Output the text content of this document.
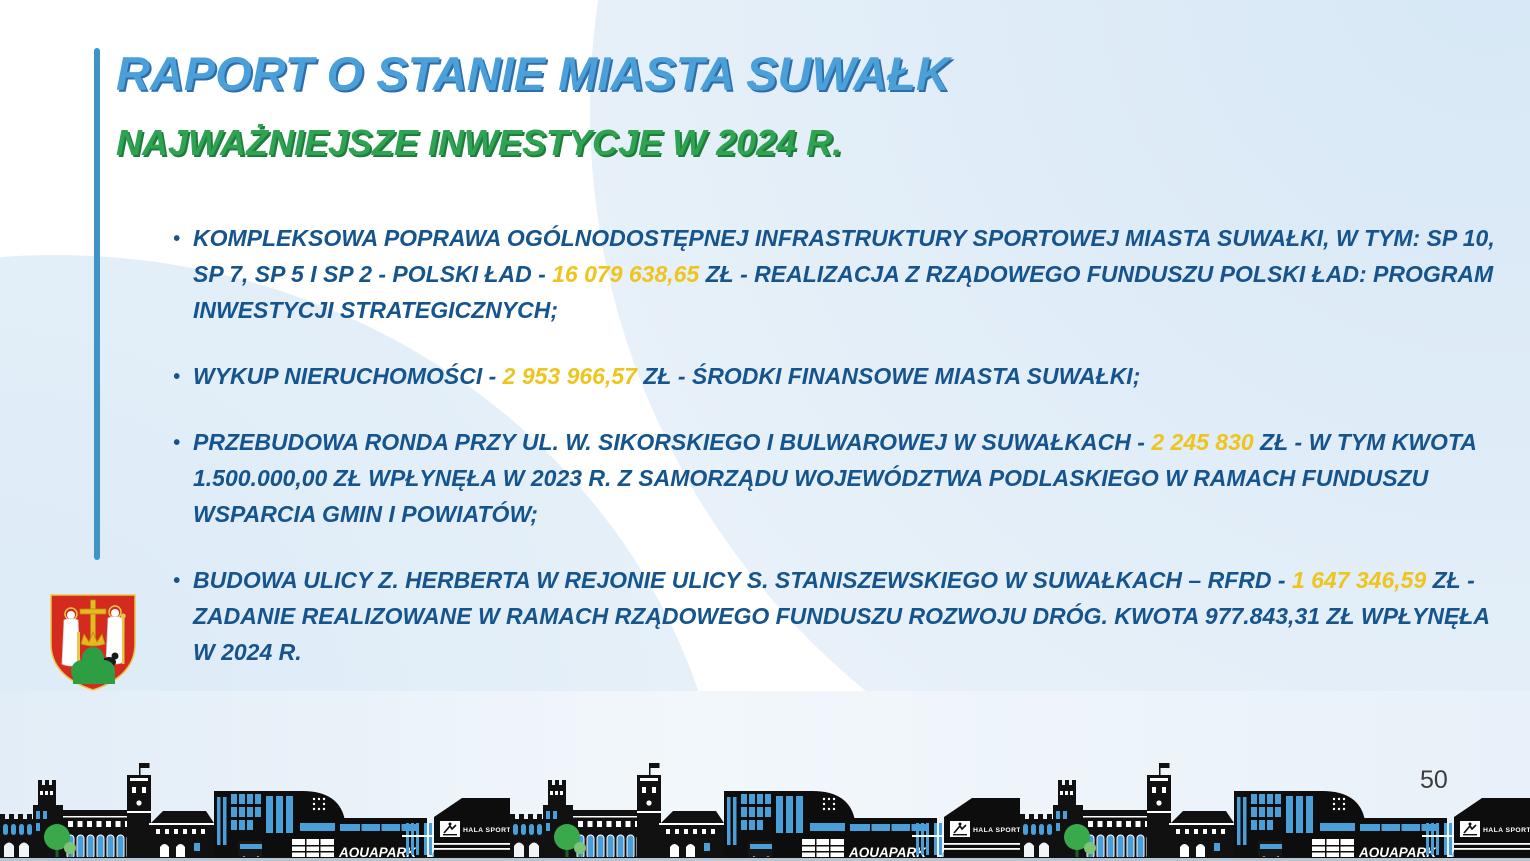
RAPORT O STANIE MIASTA SUWAŁK
NAJWAŻNIEJSZE INWESTYCJE W 2024 R.
• KOMPLEKSOWA POPRAWA OGÓLNODOSTĘPNEJ INFRASTRUKTURY SPORTOWEJ MIASTA SUWAŁKI, W TYM: SP 10, SP 7, SP 5 I SP 2 - POLSKI ŁAD - 16 079 638,65 ZŁ - REALIZACJA Z RZĄDOWEGO FUNDUSZU POLSKI ŁAD: PROGRAM INWESTYCJI STRATEGICZNYCH;
• WYKUP NIERUCHOMOŚCI - 2 953 966,57 ZŁ - ŚRODKI FINANSOWE MIASTA SUWAŁKI;
• PRZEBUDOWA RONDA PRZY UL. W. SIKORSKIEGO I BULWAROWEJ W SUWAŁKACH - 2 245 830 ZŁ - W TYM KWOTA 1.500.000,00 ZŁ WPŁYNĘŁA W 2023 R. Z SAMORZĄDU WOJEWÓDZTWA PODLASKIEGO W RAMACH FUNDUSZU WSPARCIA GMIN I POWIATÓW;
• BUDOWA ULICY Z. HERBERTA W REJONIE ULICY S. STANISZEWSKIEGO W SUWAŁKACH – RFRD - 1 647 346,59 ZŁ - ZADANIE REALIZOWANE W RAMACH RZĄDOWEGO FUNDUSZU ROZWOJU DRÓG. KWOTA 977.843,31 ZŁ WPŁYNĘŁA W 2024 R.
50
